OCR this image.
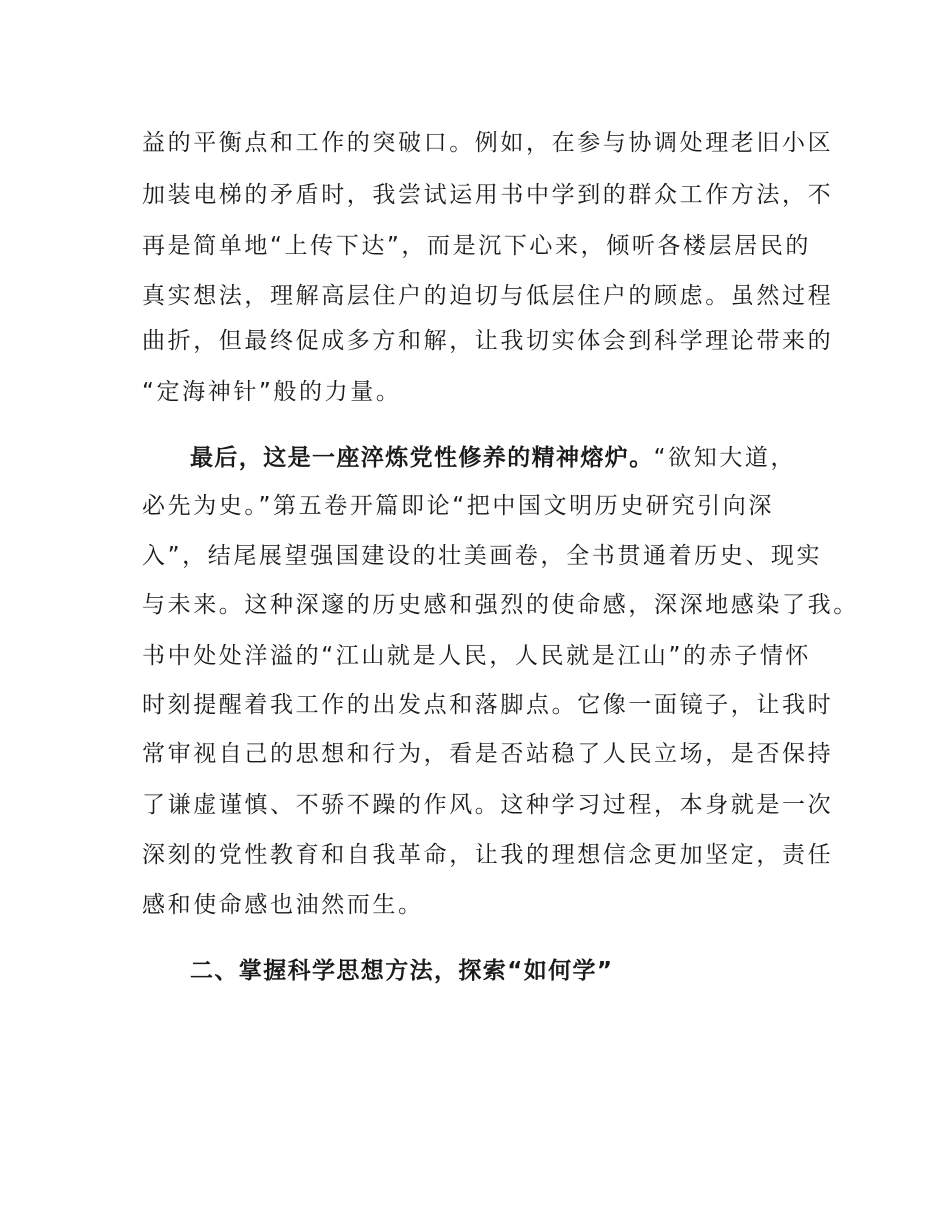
益的平衡点和工作的突破口。例如，在参与协调处理老旧小区
加装电梯的矛盾时，我尝试运用书中学到的群众工作方法，不
再是简单地“上传下达”，而是沉下心来，倾听各楼层居民的
真实想法，理解高层住户的迫切与低层住户的顾虑。虽然过程
曲折，但最终促成多方和解，让我切实体会到科学理论带来的
“定海神针”般的力量。
最后，这是一座淬炼党性修养的精神熔炉。“欲知大道，
必先为史。”第五卷开篇即论“把中国文明历史研究引向深
入”，结尾展望强国建设的壮美画卷，全书贯通着历史、现实
与未来。这种深邃的历史感和强烈的使命感，深深地感染了我。
书中处处洋溢的“江山就是人民，人民就是江山”的赤子情怀
时刻提醒着我工作的出发点和落脚点。它像一面镜子，让我时
常审视自己的思想和行为，看是否站稳了人民立场，是否保持
了谦虚谨慎、不骄不躁的作风。这种学习过程，本身就是一次
深刻的党性教育和自我革命，让我的理想信念更加坚定，责任
感和使命感也油然而生。
二、掌握科学思想方法，探索“如何学”
